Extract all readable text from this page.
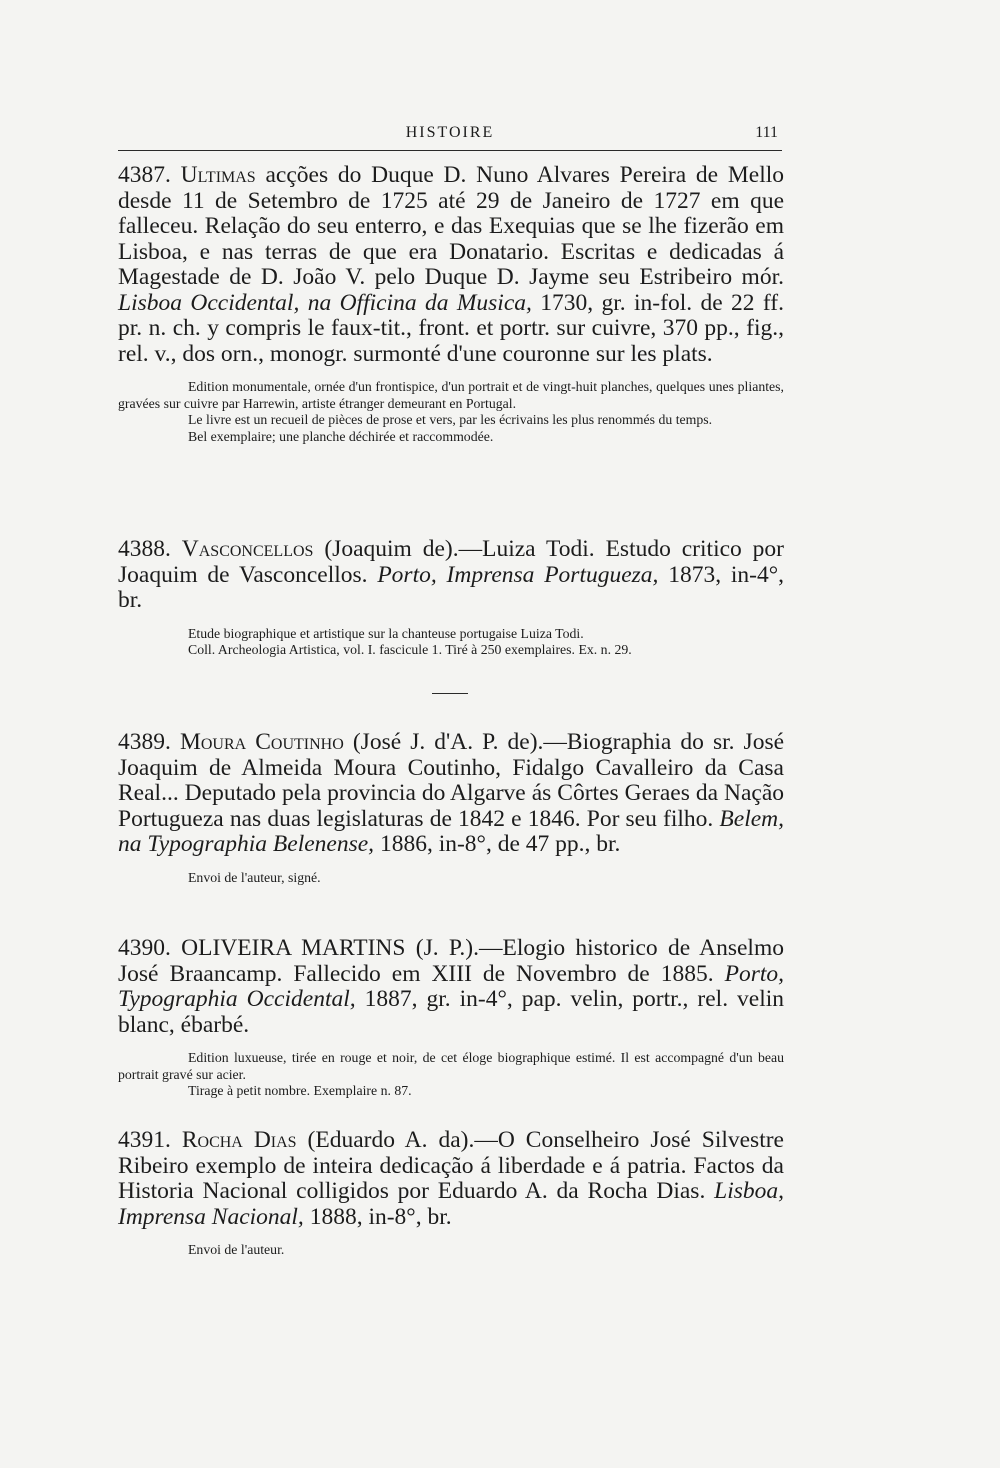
HISTOIRE	111

4387. Ultimas acções do Duque D. Nuno Alvares Pereira de Mello desde 11 de Setembro de 1725 até 29 de Janeiro de 1727 em que falleceu. Relação do seu enterro, e das Exequias que se lhe fizerão em Lisboa, e nas terras de que era Donatario. Escritas e dedicadas á Magestade de D. João V. pelo Duque D. Jayme seu Estribeiro mór. Lisboa Occidental, na Officina da Musica, 1730, gr. in-fol. de 22 ff. pr. n. ch. y compris le faux-tit., front. et portr. sur cuivre, 370 pp., fig., rel. v., dos orn., monogr. surmonté d'une couronne sur les plats.

Edition monumentale, ornée d'un frontispice, d'un portrait et de vingt-huit planches, quelques unes pliantes, gravées sur cuivre par Harrewin, artiste étranger demeurant en Portugal.

Le livre est un recueil de pièces de prose et vers, par les écrivains les plus renommés du temps.

Bel exemplaire; une planche déchirée et raccommodée.

4388. Vasconcellos (Joaquim de).—Luiza Todi. Estudo critico por Joaquim de Vasconcellos. Porto, Imprensa Portugueza, 1873, in-4°, br.

Etude biographique et artistique sur la chanteuse portugaise Luiza Todi.

Coll. Archeologia Artistica, vol. I. fascicule 1. Tiré à 250 exemplaires. Ex. n. 29.

4389. Moura Coutinho (José J. d'A. P. de).—Biographia do sr. José Joaquim de Almeida Moura Coutinho, Fidalgo Cavalleiro da Casa Real... Deputado pela provincia do Algarve ás Côrtes Geraes da Nação Portugueza nas duas legislaturas de 1842 e 1846. Por seu filho. Belem, na Typographia Belenense, 1886, in-8°, de 47 pp., br.

Envoi de l'auteur, signé.

4390. OLIVEIRA MARTINS (J. P.).—Elogio historico de Anselmo José Braancamp. Fallecido em XIII de Novembro de 1885. Porto, Typographia Occidental, 1887, gr. in-4°, pap. velin, portr., rel. velin blanc, ébarbé.

Edition luxueuse, tirée en rouge et noir, de cet éloge biographique estimé. Il est accompagné d'un beau portrait gravé sur acier.

Tirage à petit nombre. Exemplaire n. 87.

4391. Rocha Dias (Eduardo A. da).—O Conselheiro José Silvestre Ribeiro exemplo de inteira dedicação á liberdade e á patria. Factos da Historia Nacional colligidos por Eduardo A. da Rocha Dias. Lisboa, Imprensa Nacional, 1888, in-8°, br.

Envoi de l'auteur.
